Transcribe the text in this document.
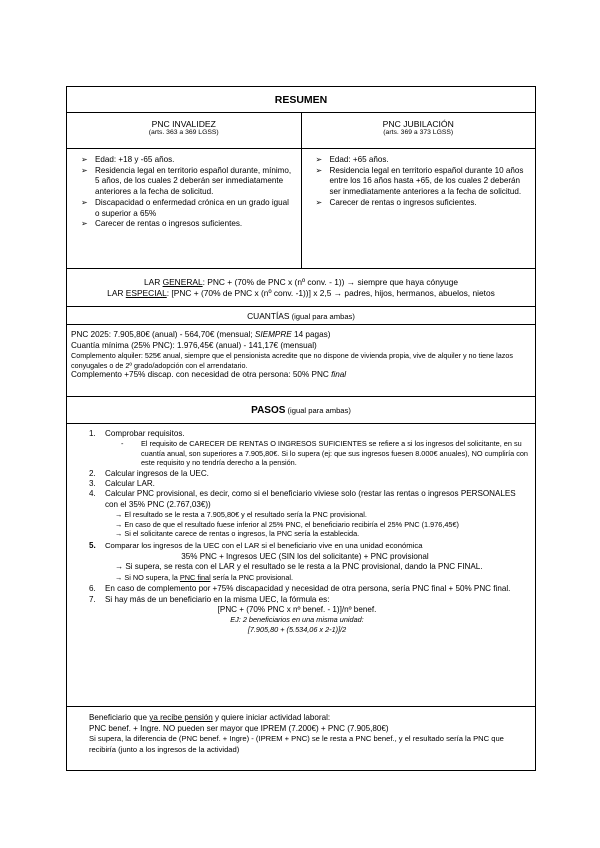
RESUMEN
PNC INVALIDEZ
(arts. 363 a 369 LGSS)
PNC JUBILACIÓN
(arts. 369 a 373 LGSS)
➢ Edad: +18 y -65 años.
➢ Residencia legal en territorio español durante, mínimo, 5 años, de los cuales 2 deberán ser inmediatamente anteriores a la fecha de solicitud.
➢ Discapacidad o enfermedad crónica en un grado igual o superior a 65%
➢ Carecer de rentas o ingresos suficientes.
➢ Edad: +65 años.
➢ Residencia legal en territorio español durante 10 años entre los 16 años hasta +65, de los cuales 2 deberán ser inmediatamente anteriores a la fecha de solicitud.
➢ Carecer de rentas o ingresos suficientes.
LAR GENERAL: PNC + (70% de PNC x (nº conv. - 1)) → siempre que haya cónyuge
LAR ESPECIAL: [PNC + (70% de PNC x (nº conv. -1))] x 2,5 → padres, hijos, hermanos, abuelos, nietos
CUANTÍAS (igual para ambas)
PNC 2025: 7.905,80€ (anual) - 564,70€ (mensual; SIEMPRE 14 pagas)
Cuantía mínima (25% PNC): 1.976,45€ (anual) - 141,17€ (mensual)
Complemento alquiler: 525€ anual, siempre que el pensionista acredite que no dispone de vivienda propia, vive de alquiler y no tiene lazos conyugales o de 2º grado/adopción con el arrendatario.
Complemento +75% discap. con necesidad de otra persona: 50% PNC final
PASOS (igual para ambas)
1.	Comprobar requisitos.
-	El requisito de CARECER DE RENTAS O INGRESOS SUFICIENTES se refiere a si los ingresos del solicitante, en su cuantía anual, son superiores a 7.905,80€. Si lo supera (ej: que sus ingresos fuesen 8.000€ anuales), NO cumpliría con este requisito y no tendría derecho a la pensión.
2.	Calcular ingresos de la UEC.
3.	Calcular LAR.
4.	Calcular PNC provisional, es decir, como si el beneficiario viviese solo (restar las rentas o ingresos PERSONALES con el 35% PNC (2.767,03€))
→ El resultado se le resta a 7.905,80€ y el resultado sería la PNC provisional.
→ En caso de que el resultado fuese inferior al 25% PNC, el beneficiario recibiría el 25% PNC (1.976,45€)
→ Si el solicitante carece de rentas o ingresos, la PNC sería la establecida.
5.	Comparar los ingresos de la UEC con el LAR si el beneficiario vive en una unidad económica
35% PNC + Ingresos UEC (SIN los del solicitante) + PNC provisional
→ Si supera, se resta con el LAR y el resultado se le resta a la PNC provisional, dando la PNC FINAL.
→ Si NO supera, la PNC final sería la PNC provisional.
6.	En caso de complemento por +75% discapacidad y necesidad de otra persona, sería PNC final + 50% PNC final.
7.	Si hay más de un beneficiario en la misma UEC, la fórmula es:
[PNC + (70% PNC x nº benef. - 1)]/nº benef.
EJ: 2 beneficiarios en una misma unidad:
[7.905,80 + (5.534,06 x 2-1)]/2
Beneficiario que ya recibe pensión y quiere iniciar actividad laboral:
PNC benef. + Ingre. NO pueden ser mayor que IPREM (7.200€) + PNC (7.905,80€)
Si supera, la diferencia de (PNC benef. + Ingre) - (IPREM + PNC) se le resta a PNC benef., y el resultado sería la PNC que recibiría (junto a los ingresos de la actividad)
